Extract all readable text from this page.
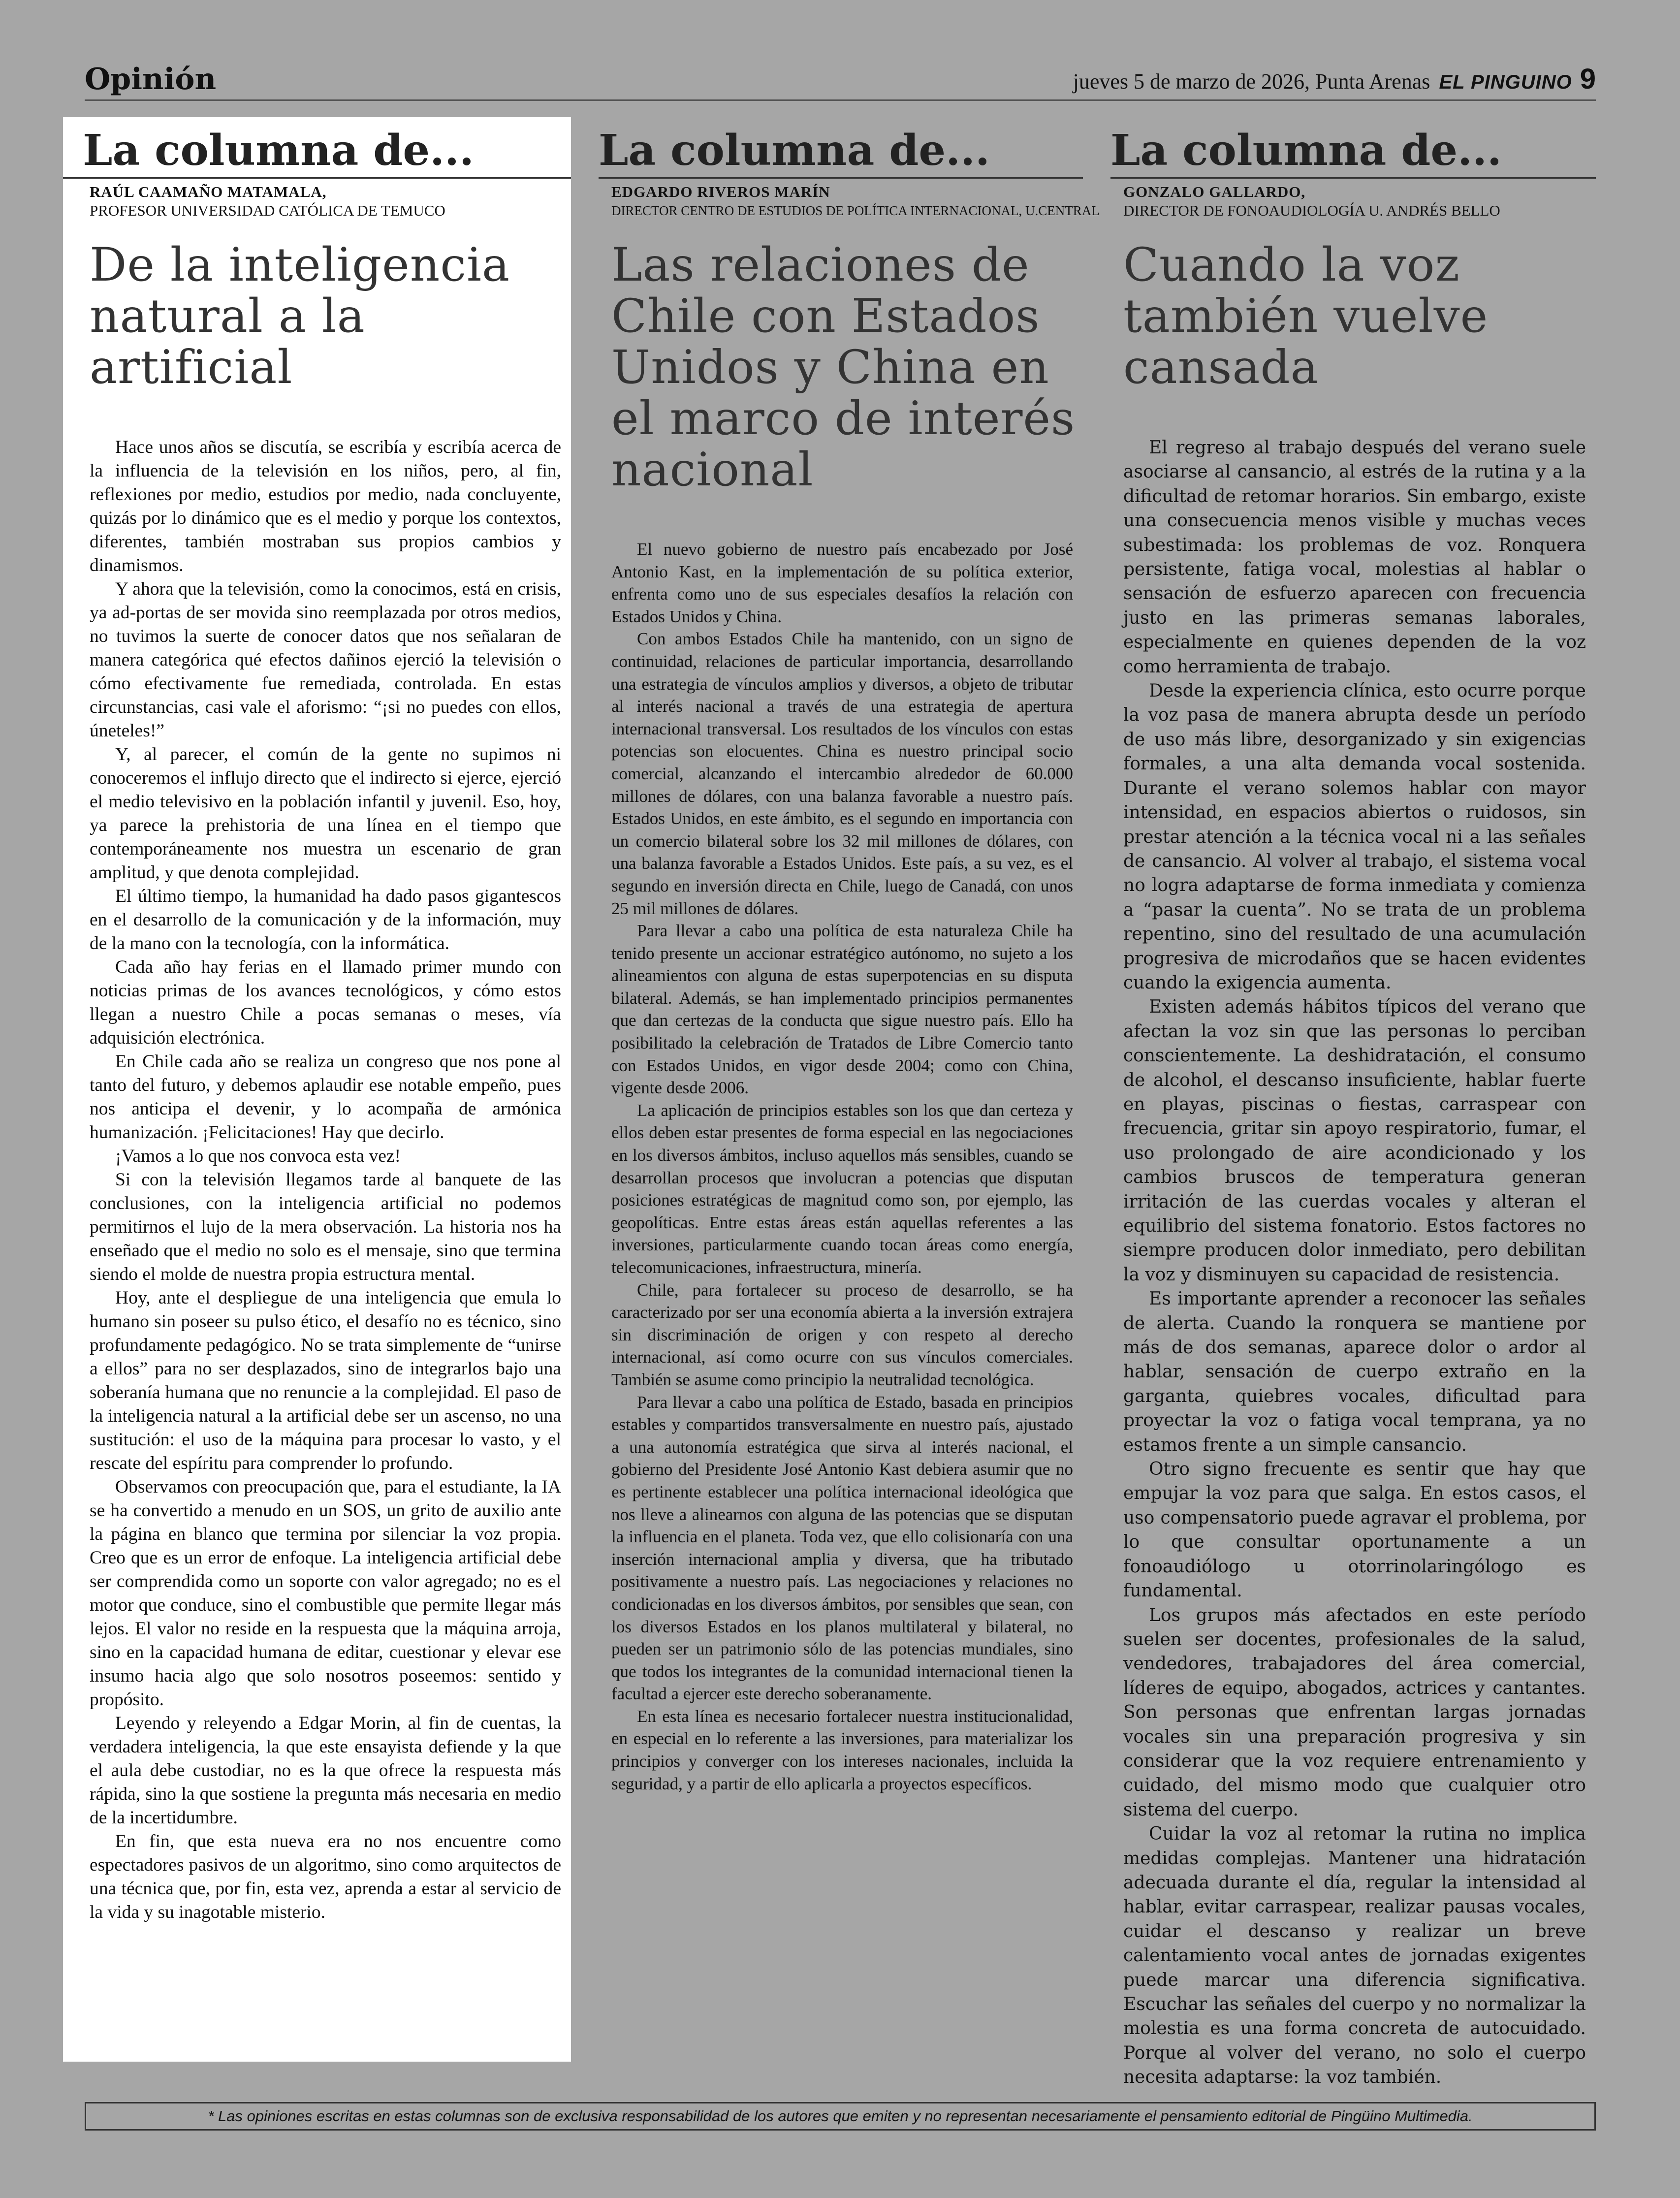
Opinión	jueves 5 de marzo de 2026, Punta Arenas EL PINGUINO 9
La columna de...
RAÚL CAAMAÑO MATAMALA,
PROFESOR UNIVERSIDAD CATÓLICA DE TEMUCO
De la inteligencia natural a la artificial

Hace unos años se discutía, se escribía y escribía acerca de la influencia de la televisión en los niños, pero, al fin, reflexiones por medio, estudios por medio, nada concluyente, quizás por lo dinámico que es el medio y porque los contextos, diferentes, también mostraban sus propios cambios y dinamismos.

Y ahora que la televisión, como la conocimos, está en crisis, ya ad-portas de ser movida sino reemplazada por otros medios, no tuvimos la suerte de conocer datos que nos señalaran de manera categórica qué efectos dañinos ejerció la televisión o cómo efectivamente fue remediada, controlada. En estas circunstancias, casi vale el aforismo: “¡si no puedes con ellos, úneteles!”

Y, al parecer, el común de la gente no supimos ni conoceremos el influjo directo que el indirecto si ejerce, ejerció el medio televisivo en la población infantil y juvenil. Eso, hoy, ya parece la prehistoria de una línea en el tiempo que contemporáneamente nos muestra un escenario de gran amplitud, y que denota complejidad.

El último tiempo, la humanidad ha dado pasos gigantescos en el desarrollo de la comunicación y de la información, muy de la mano con la tecnología, con la informática.

Cada año hay ferias en el llamado primer mundo con noticias primas de los avances tecnológicos, y cómo estos llegan a nuestro Chile a pocas semanas o meses, vía adquisición electrónica.

En Chile cada año se realiza un congreso que nos pone al tanto del futuro, y debemos aplaudir ese notable empeño, pues nos anticipa el devenir, y lo acompaña de armónica humanización. ¡Felicitaciones! Hay que decirlo.

¡Vamos a lo que nos convoca esta vez!

Si con la televisión llegamos tarde al banquete de las conclusiones, con la inteligencia artificial no podemos permitirnos el lujo de la mera observación. La historia nos ha enseñado que el medio no solo es el mensaje, sino que termina siendo el molde de nuestra propia estructura mental.

Hoy, ante el despliegue de una inteligencia que emula lo humano sin poseer su pulso ético, el desafío no es técnico, sino profundamente pedagógico. No se trata simplemente de “unirse a ellos” para no ser desplazados, sino de integrarlos bajo una soberanía humana que no renuncie a la complejidad. El paso de la inteligencia natural a la artificial debe ser un ascenso, no una sustitución: el uso de la máquina para procesar lo vasto, y el rescate del espíritu para comprender lo profundo.

Observamos con preocupación que, para el estudiante, la IA se ha convertido a menudo en un SOS, un grito de auxilio ante la página en blanco que termina por silenciar la voz propia. Creo que es un error de enfoque. La inteligencia artificial debe ser comprendida como un soporte con valor agregado; no es el motor que conduce, sino el combustible que permite llegar más lejos. El valor no reside en la respuesta que la máquina arroja, sino en la capacidad humana de editar, cuestionar y elevar ese insumo hacia algo que solo nosotros poseemos: sentido y propósito.

Leyendo y releyendo a Edgar Morin, al fin de cuentas, la verdadera inteligencia, la que este ensayista defiende y la que el aula debe custodiar, no es la que ofrece la respuesta más rápida, sino la que sostiene la pregunta más necesaria en medio de la incertidumbre.

En fin, que esta nueva era no nos encuentre como espectadores pasivos de un algoritmo, sino como arquitectos de una técnica que, por fin, esta vez, aprenda a estar al servicio de la vida y su inagotable misterio.

La columna de...
EDGARDO RIVEROS MARÍN
DIRECTOR CENTRO DE ESTUDIOS DE POLÍTICA INTERNACIONAL, U.CENTRAL
Las relaciones de Chile con Estados Unidos y China en el marco de interés nacional

El nuevo gobierno de nuestro país encabezado por José Antonio Kast, en la implementación de su política exterior, enfrenta como uno de sus especiales desafíos la relación con Estados Unidos y China.

Con ambos Estados Chile ha mantenido, con un signo de continuidad, relaciones de particular importancia, desarrollando una estrategia de vínculos amplios y diversos, a objeto de tributar al interés nacional a través de una estrategia de apertura internacional transversal. Los resultados de los vínculos con estas potencias son elocuentes. China es nuestro principal socio comercial, alcanzando el intercambio alrededor de 60.000 millones de dólares, con una balanza favorable a nuestro país. Estados Unidos, en este ámbito, es el segundo en importancia con un comercio bilateral sobre los 32 mil millones de dólares, con una balanza favorable a Estados Unidos. Este país, a su vez, es el segundo en inversión directa en Chile, luego de Canadá, con unos 25 mil millones de dólares.

Para llevar a cabo una política de esta naturaleza Chile ha tenido presente un accionar estratégico autónomo, no sujeto a los alineamientos con alguna de estas superpotencias en su disputa bilateral. Además, se han implementado principios permanentes que dan certezas de la conducta que sigue nuestro país. Ello ha posibilitado la celebración de Tratados de Libre Comercio tanto con Estados Unidos, en vigor desde 2004; como con China, vigente desde 2006.

La aplicación de principios estables son los que dan certeza y ellos deben estar presentes de forma especial en las negociaciones en los diversos ámbitos, incluso aquellos más sensibles, cuando se desarrollan procesos que involucran a potencias que disputan posiciones estratégicas de magnitud como son, por ejemplo, las geopolíticas. Entre estas áreas están aquellas referentes a las inversiones, particularmente cuando tocan áreas como energía, telecomunicaciones, infraestructura, minería.

Chile, para fortalecer su proceso de desarrollo, se ha caracterizado por ser una economía abierta a la inversión extrajera sin discriminación de origen y con respeto al derecho internacional, así como ocurre con sus vínculos comerciales. También se asume como principio la neutralidad tecnológica.

Para llevar a cabo una política de Estado, basada en principios estables y compartidos transversalmente en nuestro país, ajustado a una autonomía estratégica que sirva al interés nacional, el gobierno del Presidente José Antonio Kast debiera asumir que no es pertinente establecer una política internacional ideológica que nos lleve a alinearnos con alguna de las potencias que se disputan la influencia en el planeta. Toda vez, que ello colisionaría con una inserción internacional amplia y diversa, que ha tributado positivamente a nuestro país. Las negociaciones y relaciones no condicionadas en los diversos ámbitos, por sensibles que sean, con los diversos Estados en los planos multilateral y bilateral, no pueden ser un patrimonio sólo de las potencias mundiales, sino que todos los integrantes de la comunidad internacional tienen la facultad a ejercer este derecho soberanamente.

En esta línea es necesario fortalecer nuestra institucionalidad, en especial en lo referente a las inversiones, para materializar los principios y converger con los intereses nacionales, incluida la seguridad, y a partir de ello aplicarla a proyectos específicos.

La columna de...
GONZALO GALLARDO,
DIRECTOR DE FONOAUDIOLOGÍA U. ANDRÉS BELLO
Cuando la voz también vuelve cansada

El regreso al trabajo después del verano suele asociarse al cansancio, al estrés de la rutina y a la dificultad de retomar horarios. Sin embargo, existe una consecuencia menos visible y muchas veces subestimada: los problemas de voz. Ronquera persistente, fatiga vocal, molestias al hablar o sensación de esfuerzo aparecen con frecuencia justo en las primeras semanas laborales, especialmente en quienes dependen de la voz como herramienta de trabajo.

Desde la experiencia clínica, esto ocurre porque la voz pasa de manera abrupta desde un período de uso más libre, desorganizado y sin exigencias formales, a una alta demanda vocal sostenida. Durante el verano solemos hablar con mayor intensidad, en espacios abiertos o ruidosos, sin prestar atención a la técnica vocal ni a las señales de cansancio. Al volver al trabajo, el sistema vocal no logra adaptarse de forma inmediata y comienza a “pasar la cuenta”. No se trata de un problema repentino, sino del resultado de una acumulación progresiva de microdaños que se hacen evidentes cuando la exigencia aumenta.

Existen además hábitos típicos del verano que afectan la voz sin que las personas lo perciban conscientemente. La deshidratación, el consumo de alcohol, el descanso insuficiente, hablar fuerte en playas, piscinas o fiestas, carraspear con frecuencia, gritar sin apoyo respiratorio, fumar, el uso prolongado de aire acondicionado y los cambios bruscos de temperatura generan irritación de las cuerdas vocales y alteran el equilibrio del sistema fonatorio. Estos factores no siempre producen dolor inmediato, pero debilitan la voz y disminuyen su capacidad de resistencia.

Es importante aprender a reconocer las señales de alerta. Cuando la ronquera se mantiene por más de dos semanas, aparece dolor o ardor al hablar, sensación de cuerpo extraño en la garganta, quiebres vocales, dificultad para proyectar la voz o fatiga vocal temprana, ya no estamos frente a un simple cansancio.

Otro signo frecuente es sentir que hay que empujar la voz para que salga. En estos casos, el uso compensatorio puede agravar el problema, por lo que consultar oportunamente a un fonoaudiólogo u otorrinolaringólogo es fundamental.

Los grupos más afectados en este período suelen ser docentes, profesionales de la salud, vendedores, trabajadores del área comercial, líderes de equipo, abogados, actrices y cantantes. Son personas que enfrentan largas jornadas vocales sin una preparación progresiva y sin considerar que la voz requiere entrenamiento y cuidado, del mismo modo que cualquier otro sistema del cuerpo.

Cuidar la voz al retomar la rutina no implica medidas complejas. Mantener una hidratación adecuada durante el día, regular la intensidad al hablar, evitar carraspear, realizar pausas vocales, cuidar el descanso y realizar un breve calentamiento vocal antes de jornadas exigentes puede marcar una diferencia significativa. Escuchar las señales del cuerpo y no normalizar la molestia es una forma concreta de autocuidado. Porque al volver del verano, no solo el cuerpo necesita adaptarse: la voz también.

* Las opiniones escritas en estas columnas son de exclusiva responsabilidad de los autores que emiten y no representan necesariamente el pensamiento editorial de Pingüino Multimedia.
